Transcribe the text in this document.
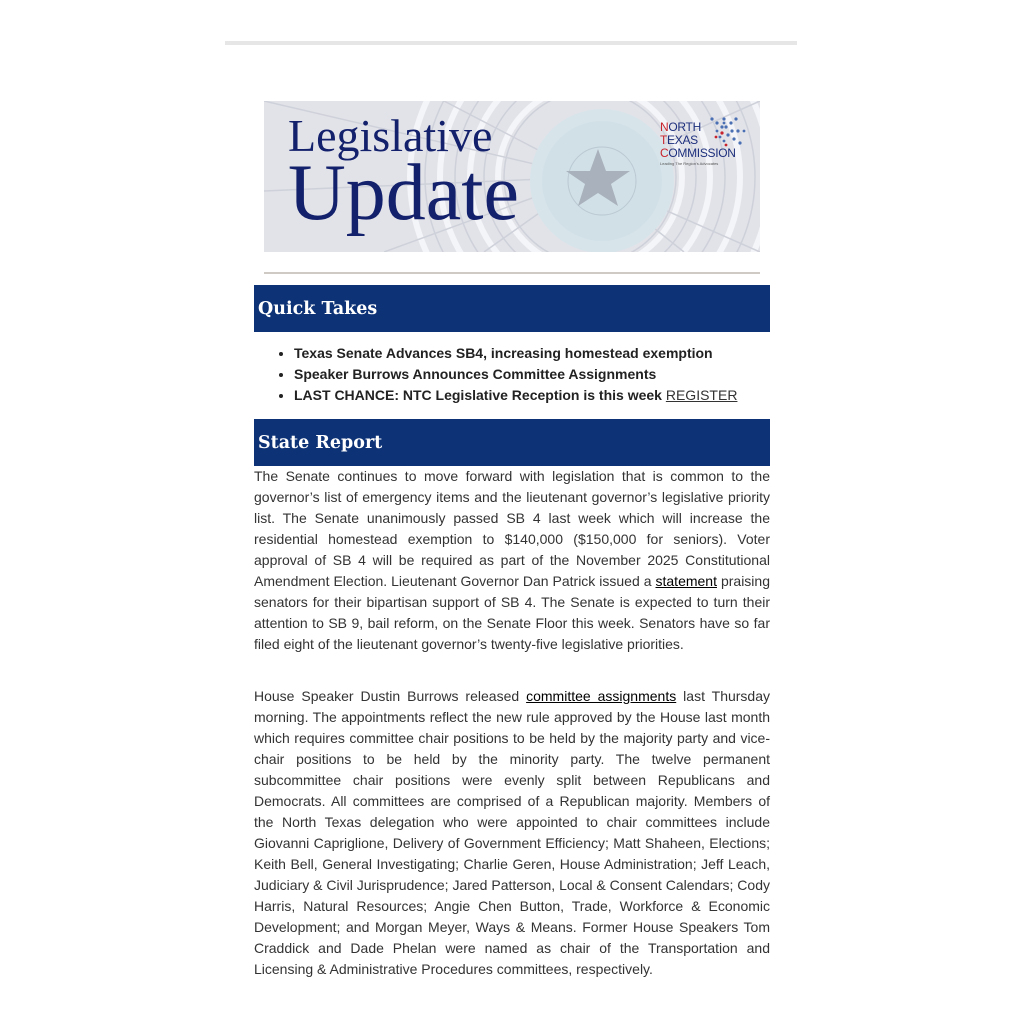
Legislative
Update
NORTH
TEXAS
COMMISSION
Leading The Region's Advocates
Quick Takes
• Texas Senate Advances SB4, increasing homestead exemption
• Speaker Burrows Announces Committee Assignments
• LAST CHANCE: NTC Legislative Reception is this week REGISTER
State Report

The Senate continues to move forward with legislation that is common to the governor’s list of emergency items and the lieutenant governor’s legislative priority list. The Senate unanimously passed SB 4 last week which will increase the residential homestead exemption to $140,000 ($150,000 for seniors). Voter approval of SB 4 will be required as part of the November 2025 Constitutional Amendment Election. Lieutenant Governor Dan Patrick issued a statement praising senators for their bipartisan support of SB 4. The Senate is expected to turn their attention to SB 9, bail reform, on the Senate Floor this week. Senators have so far filed eight of the lieutenant governor’s twenty-five legislative priorities.

House Speaker Dustin Burrows released committee assignments last Thursday morning. The appointments reflect the new rule approved by the House last month which requires committee chair positions to be held by the majority party and vice-chair positions to be held by the minority party. The twelve permanent subcommittee chair positions were evenly split between Republicans and Democrats. All committees are comprised of a Republican majority. Members of the North Texas delegation who were appointed to chair committees include Giovanni Capriglione, Delivery of Government Efficiency; Matt Shaheen, Elections; Keith Bell, General Investigating; Charlie Geren, House Administration; Jeff Leach, Judiciary & Civil Jurisprudence; Jared Patterson, Local & Consent Calendars; Cody Harris, Natural Resources; Angie Chen Button, Trade, Workforce & Economic Development; and Morgan Meyer, Ways & Means. Former House Speakers Tom Craddick and Dade Phelan were named as chair of the Transportation and Licensing & Administrative Procedures committees, respectively.
